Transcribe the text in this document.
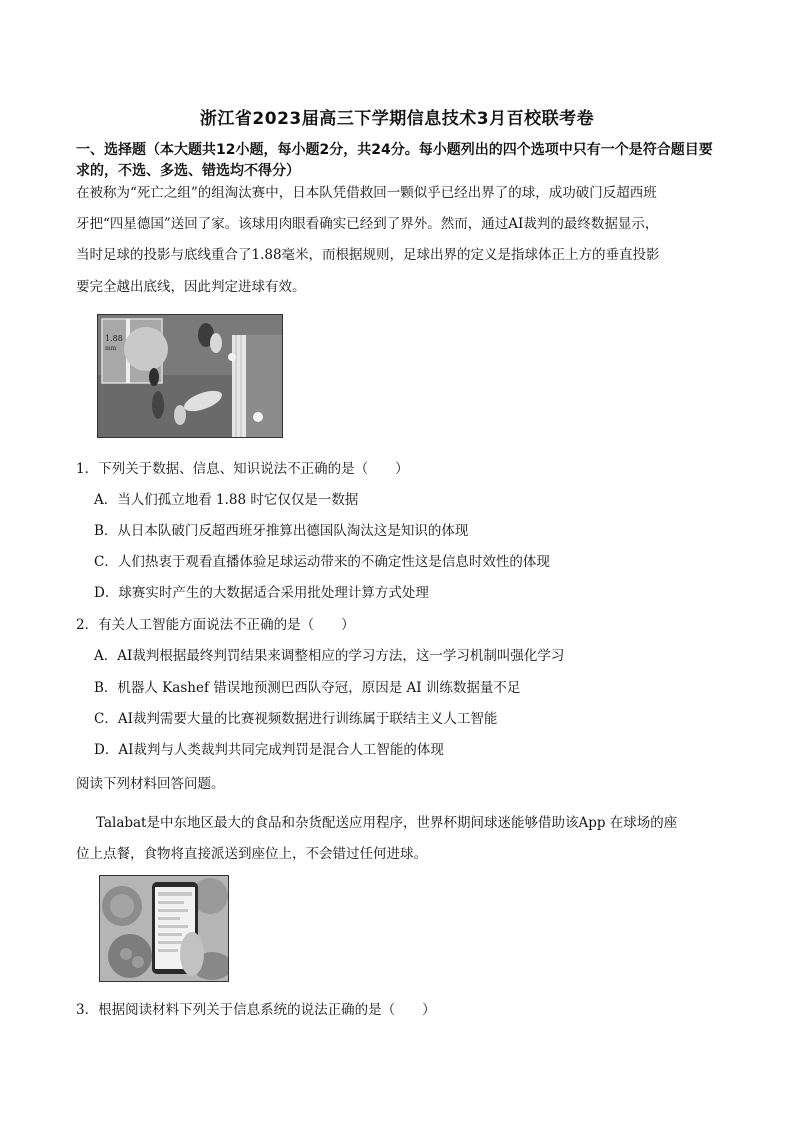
浙江省2023届高三下学期信息技术3月百校联考卷
一、选择题（本大题共12小题，每小题2分，共24分。每小题列出的四个选项中只有一个是符合题目要求的，不选、多选、错选均不得分）
在被称为“死亡之组”的组淘汰赛中，日本队凭借救回一颗似乎已经出界了的球，成功破门反超西班
牙把“四星德国”送回了家。该球用肉眼看确实已经到了界外。然而，通过AI裁判的最终数据显示，
当时足球的投影与底线重合了1.88毫米，而根据规则，足球出界的定义是指球体正上方的垂直投影
要完全越出底线，因此判定进球有效。
1.88
mm
1．下列关于数据、信息、知识说法不正确的是（　　）
A．当人们孤立地看 1.88 时它仅仅是一数据
B．从日本队破门反超西班牙推算出德国队淘汰这是知识的体现
C．人们热衷于观看直播体验足球运动带来的不确定性这是信息时效性的体现
D．球赛实时产生的大数据适合采用批处理计算方式处理
2．有关人工智能方面说法不正确的是（　　）
A．AI裁判根据最终判罚结果来调整相应的学习方法，这一学习机制叫强化学习
B．机器人 Kashef 错误地预测巴西队夺冠，原因是 AI 训练数据量不足
C．AI裁判需要大量的比赛视频数据进行训练属于联结主义人工智能
D．AI裁判与人类裁判共同完成判罚是混合人工智能的体现
阅读下列材料回答问题。
Talabat是中东地区最大的食品和杂货配送应用程序，世界杯期间球迷能够借助该App 在球场的座
位上点餐，食物将直接派送到座位上，不会错过任何进球。
3．根据阅读材料下列关于信息系统的说法正确的是（　　）
